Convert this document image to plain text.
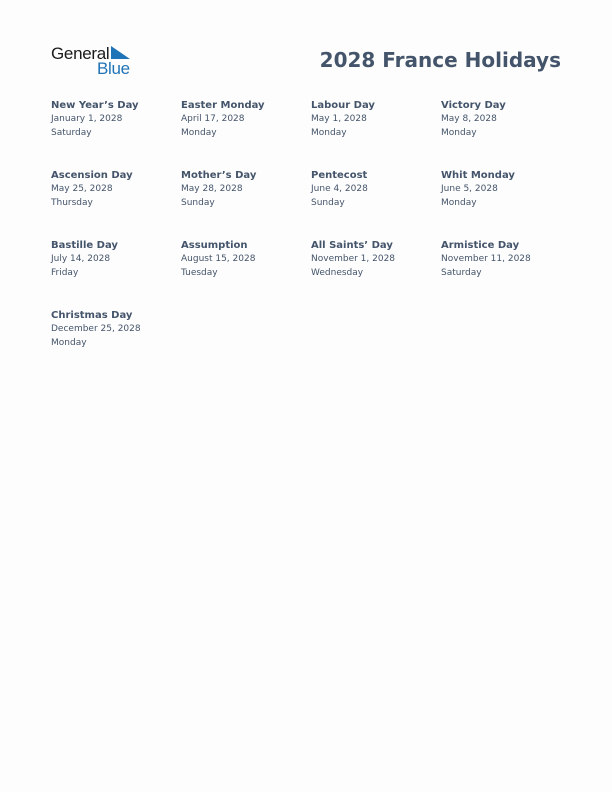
General
Blue	2028 France Holidays
New Year’s Day
January 1, 2028
Saturday
Easter Monday
April 17, 2028
Monday
Labour Day
May 1, 2028
Monday
Victory Day
May 8, 2028
Monday
Ascension Day
May 25, 2028
Thursday
Mother’s Day
May 28, 2028
Sunday
Pentecost
June 4, 2028
Sunday
Whit Monday
June 5, 2028
Monday
Bastille Day
July 14, 2028
Friday
Assumption
August 15, 2028
Tuesday
All Saints’ Day
November 1, 2028
Wednesday
Armistice Day
November 11, 2028
Saturday
Christmas Day
December 25, 2028
Monday
